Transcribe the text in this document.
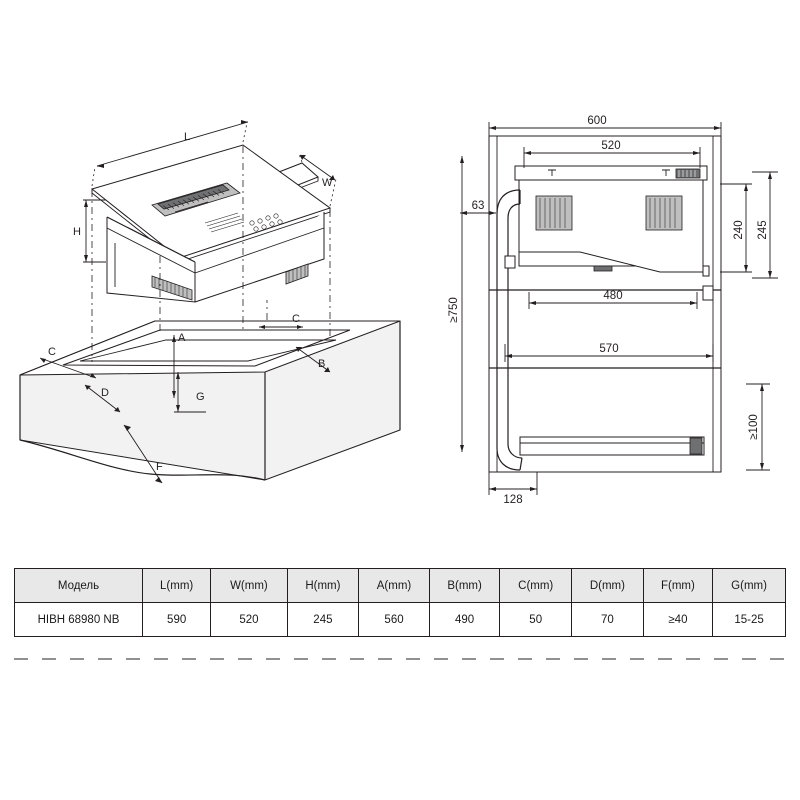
L
W
H
A
B
C
C
D
F
G
600
520
63
240 245
≥750
480
570
≥100
128
Модель	L(mm)	W(mm)	H(mm)	A(mm)	B(mm)	C(mm)	D(mm)	F(mm)	G(mm)
HIBH 68980 NB	590	520	245	560	490	50	70	≥40	15-25
